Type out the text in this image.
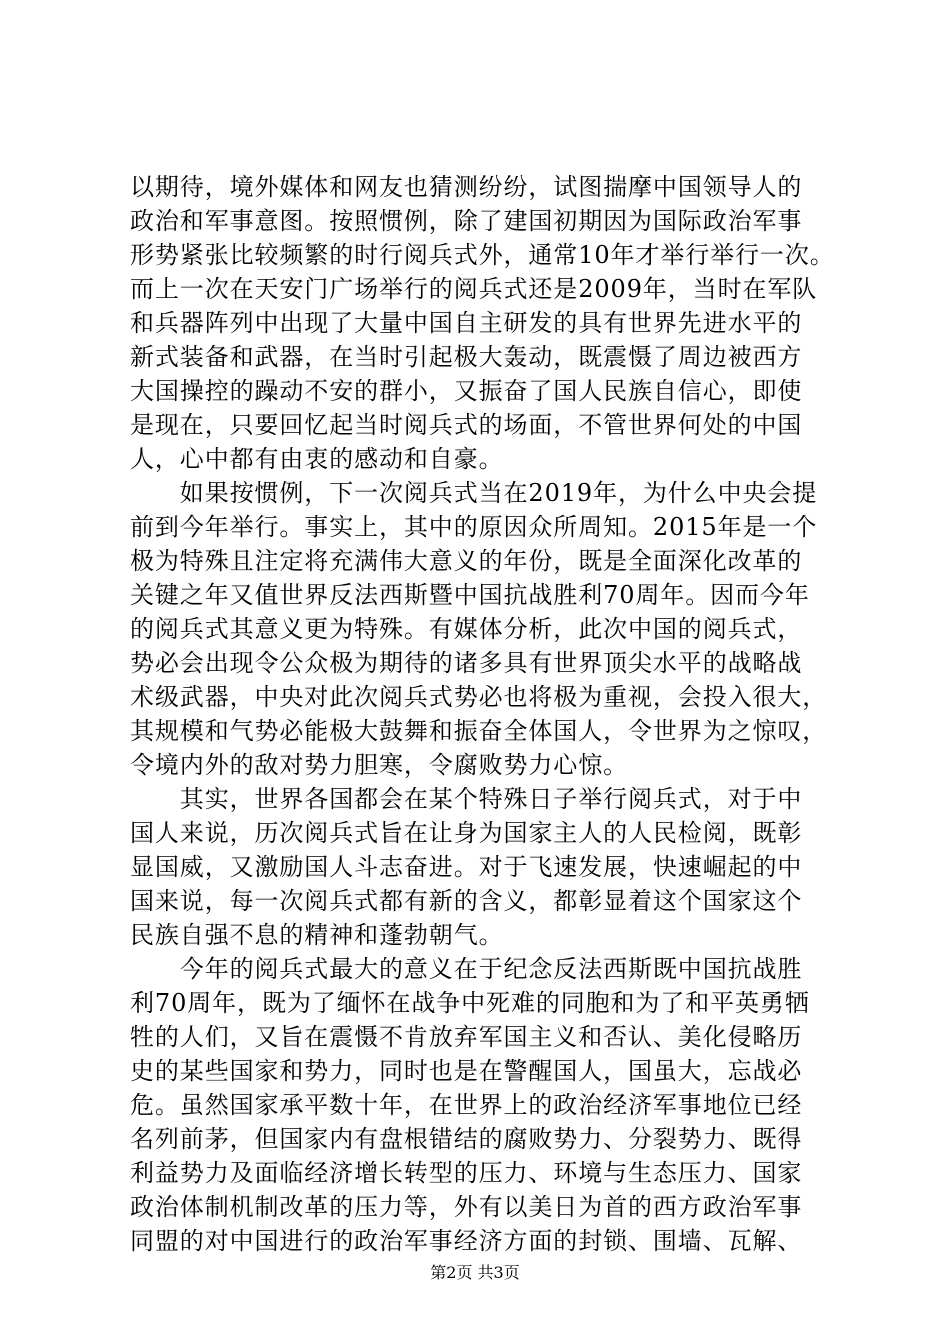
以期待，境外媒体和网友也猜测纷纷，试图揣摩中国领导人的
政治和军事意图。按照惯例，除了建国初期因为国际政治军事
形势紧张比较频繁的时行阅兵式外，通常10年才举行举行一次。
而上一次在天安门广场举行的阅兵式还是2009年，当时在军队
和兵器阵列中出现了大量中国自主研发的具有世界先进水平的
新式装备和武器，在当时引起极大轰动，既震慑了周边被西方
大国操控的躁动不安的群小，又振奋了国人民族自信心，即使
是现在，只要回忆起当时阅兵式的场面，不管世界何处的中国
人，心中都有由衷的感动和自豪。
　　如果按惯例，下一次阅兵式当在2019年，为什么中央会提
前到今年举行。事实上，其中的原因众所周知。2015年是一个
极为特殊且注定将充满伟大意义的年份，既是全面深化改革的
关键之年又值世界反法西斯暨中国抗战胜利70周年。因而今年
的阅兵式其意义更为特殊。有媒体分析，此次中国的阅兵式，
势必会出现令公众极为期待的诸多具有世界顶尖水平的战略战
术级武器，中央对此次阅兵式势必也将极为重视，会投入很大，
其规模和气势必能极大鼓舞和振奋全体国人，令世界为之惊叹，
令境内外的敌对势力胆寒，令腐败势力心惊。
　　其实，世界各国都会在某个特殊日子举行阅兵式，对于中
国人来说，历次阅兵式旨在让身为国家主人的人民检阅，既彰
显国威，又激励国人斗志奋进。对于飞速发展，快速崛起的中
国来说，每一次阅兵式都有新的含义，都彰显着这个国家这个
民族自强不息的精神和蓬勃朝气。
　　今年的阅兵式最大的意义在于纪念反法西斯既中国抗战胜
利70周年，既为了缅怀在战争中死难的同胞和为了和平英勇牺
牲的人们，又旨在震慑不肯放弃军国主义和否认、美化侵略历
史的某些国家和势力，同时也是在警醒国人，国虽大，忘战必
危。虽然国家承平数十年，在世界上的政治经济军事地位已经
名列前茅，但国家内有盘根错结的腐败势力、分裂势力、既得
利益势力及面临经济增长转型的压力、环境与生态压力、国家
政治体制机制改革的压力等，外有以美日为首的西方政治军事
同盟的对中国进行的政治军事经济方面的封锁、围墙、瓦解、
第2页 共3页
